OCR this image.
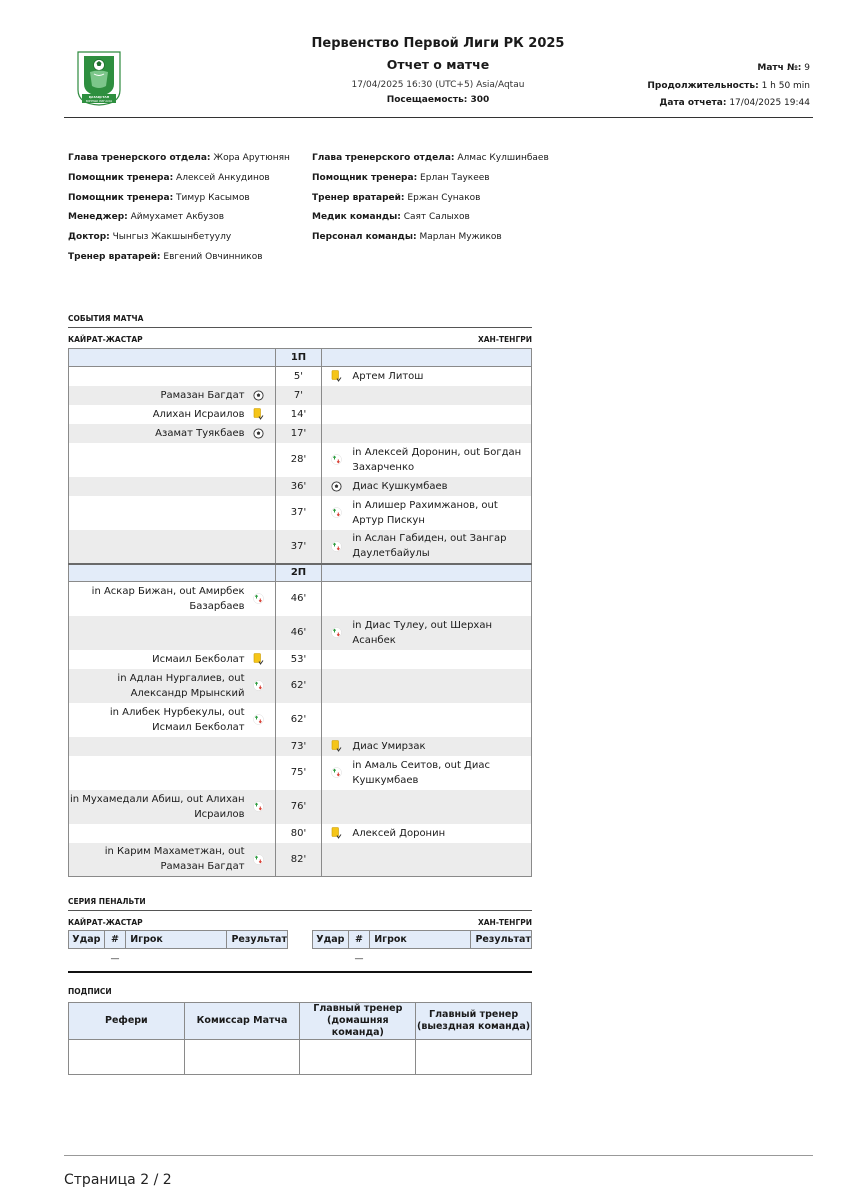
ҚАЗАҚСТАН
БІРІНШІ ЛИГАСЫ
Первенство Первой Лиги РК 2025
Отчет о матче
17/04/2025 16:30 (UTC+5) Asia/Aqtau
Посещаемость: 300
Матч №: 9
Продолжительность: 1 h 50 min
Дата отчета: 17/04/2025 19:44
Глава тренерского отдела: Жора Арутюнян
Помощник тренера: Алексей Анкудинов
Помощник тренера: Тимур Касымов
Менеджер: Аймухамет Акбузов
Доктор: Чынгыз Жакшынбетуулу
Тренер вратарей: Евгений Овчинников
Глава тренерского отдела: Алмас Кулшинбаев
Помощник тренера: Ерлан Таукеев
Тренер вратарей: Ержан Сунаков
Медик команды: Саят Салыхов
Персонал команды: Марлан Мужиков
СОБЫТИЯ МАТЧА
КАЙРАТ-ЖАСТАР	ХАН-ТЕНГРИ
	1П	
	5'	Артем Литош

Рамазан Багдат	7'	

Алихан Исраилов	14'	

Азамат Туякбаев	17'	
	28'	in Алексей Доронин, out Богдан Захарченко

	36'	Диас Кушкумбаев

	37'	in Алишер Рахимжанов, out Артур Пискун

	37'	in Аслан Габиден, out Зангар Даулетбайулы

	2П	

in Аскар Бижан, out Амирбек Базарбаев	46'	
	46'	in Диас Тулеу, out Шерхан Асанбек

Исмаил Бекболат	53'	

in Адлан Нургалиев, out Александр Мрынский	62'	

in Алибек Нурбекулы, out Исмаил Бекболат	62'	
	73'	Диас Умирзак

	75'	in Амаль Сеитов, out Диас Кушкумбаев

in Мухамедали Абиш, out Алихан Исраилов	76'	
	80'	Алексей Доронин

in Карим Махаметжан, out Рамазан Багдат	82'	
СЕРИЯ ПЕНАЛЬТИ
КАЙРАТ-ЖАСТАР	ХАН-ТЕНГРИ
Удар	#	Игрок	Результат
	—		
Удар	#	Игрок	Результат
	—		
ПОДПИСИ
Рефери	Комиссар Матча	Главный тренер (домашняя команда)	Главный тренер (выездная команда)

Страница 2 / 2
